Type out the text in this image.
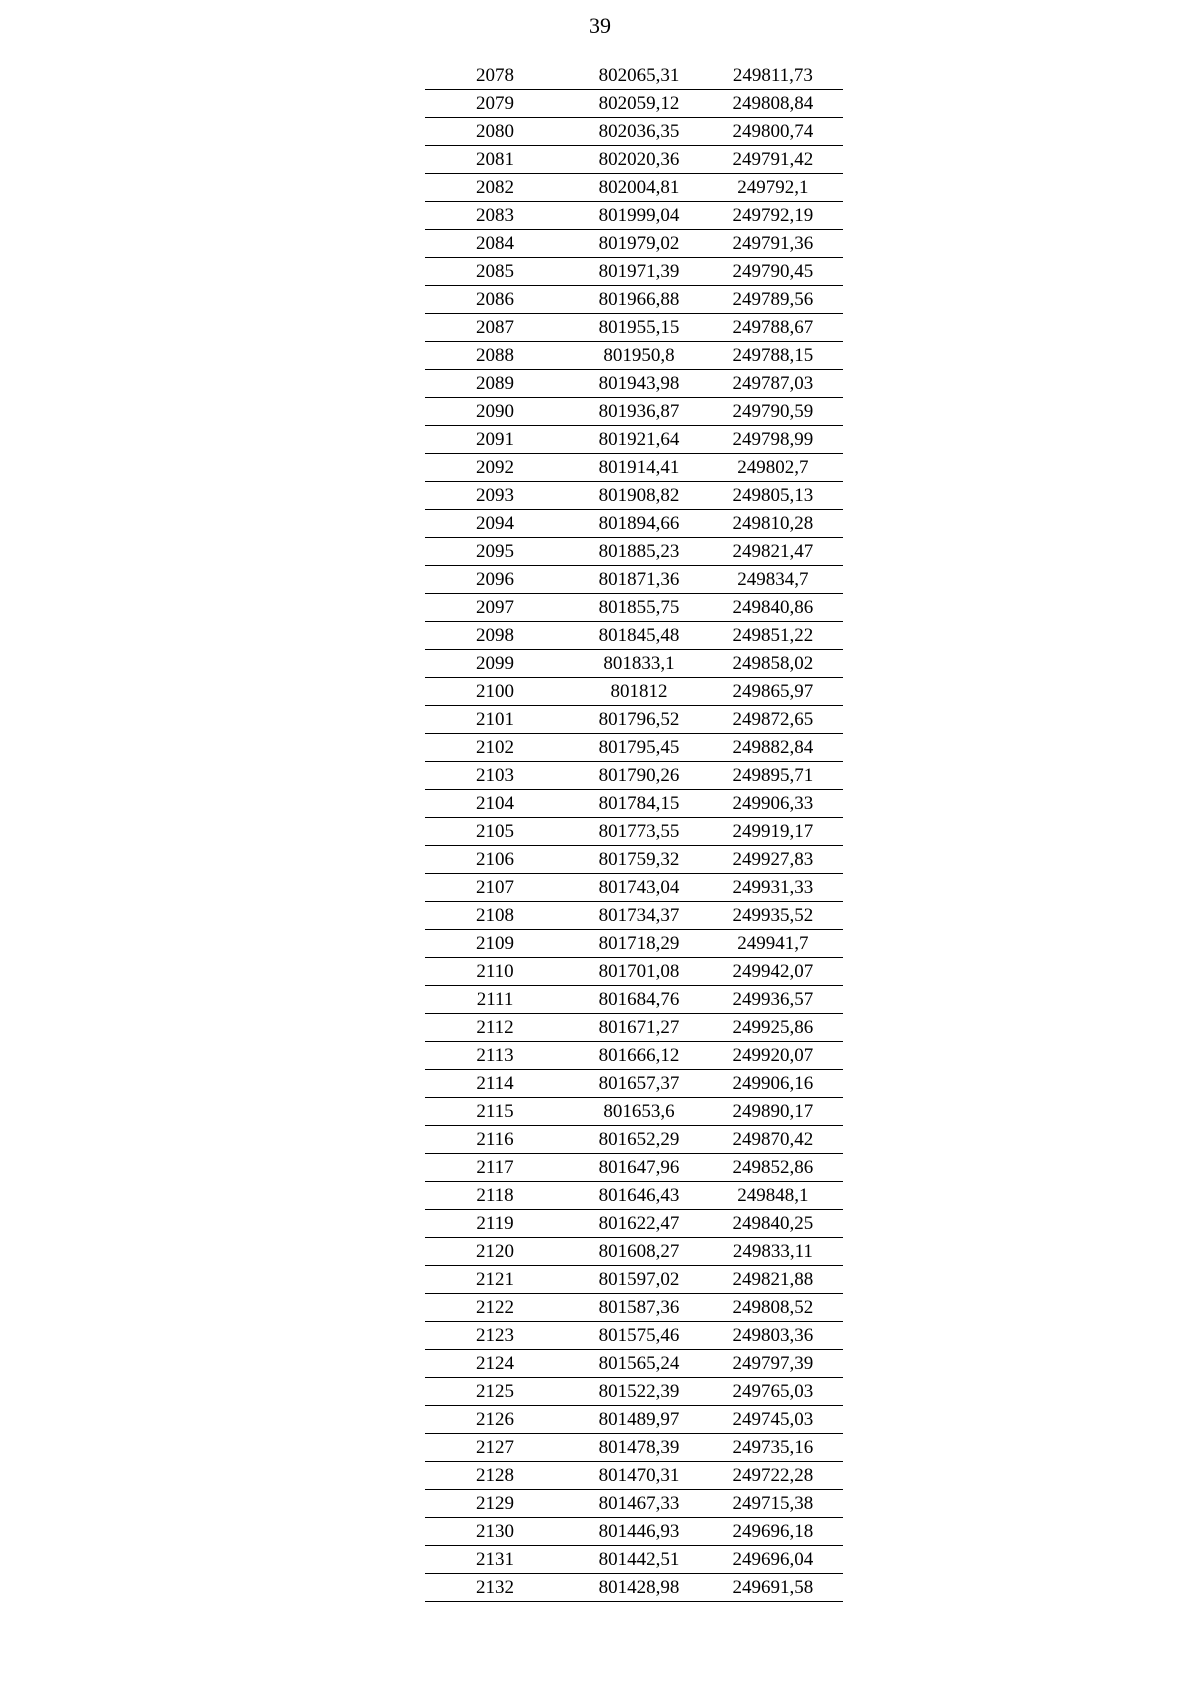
39
2078	802065,31	249811,73
2079	802059,12	249808,84
2080	802036,35	249800,74
2081	802020,36	249791,42
2082	802004,81	249792,1
2083	801999,04	249792,19
2084	801979,02	249791,36
2085	801971,39	249790,45
2086	801966,88	249789,56
2087	801955,15	249788,67
2088	801950,8	249788,15
2089	801943,98	249787,03
2090	801936,87	249790,59
2091	801921,64	249798,99
2092	801914,41	249802,7
2093	801908,82	249805,13
2094	801894,66	249810,28
2095	801885,23	249821,47
2096	801871,36	249834,7
2097	801855,75	249840,86
2098	801845,48	249851,22
2099	801833,1	249858,02
2100	801812	249865,97
2101	801796,52	249872,65
2102	801795,45	249882,84
2103	801790,26	249895,71
2104	801784,15	249906,33
2105	801773,55	249919,17
2106	801759,32	249927,83
2107	801743,04	249931,33
2108	801734,37	249935,52
2109	801718,29	249941,7
2110	801701,08	249942,07
2111	801684,76	249936,57
2112	801671,27	249925,86
2113	801666,12	249920,07
2114	801657,37	249906,16
2115	801653,6	249890,17
2116	801652,29	249870,42
2117	801647,96	249852,86
2118	801646,43	249848,1
2119	801622,47	249840,25
2120	801608,27	249833,11
2121	801597,02	249821,88
2122	801587,36	249808,52
2123	801575,46	249803,36
2124	801565,24	249797,39
2125	801522,39	249765,03
2126	801489,97	249745,03
2127	801478,39	249735,16
2128	801470,31	249722,28
2129	801467,33	249715,38
2130	801446,93	249696,18
2131	801442,51	249696,04
2132	801428,98	249691,58
